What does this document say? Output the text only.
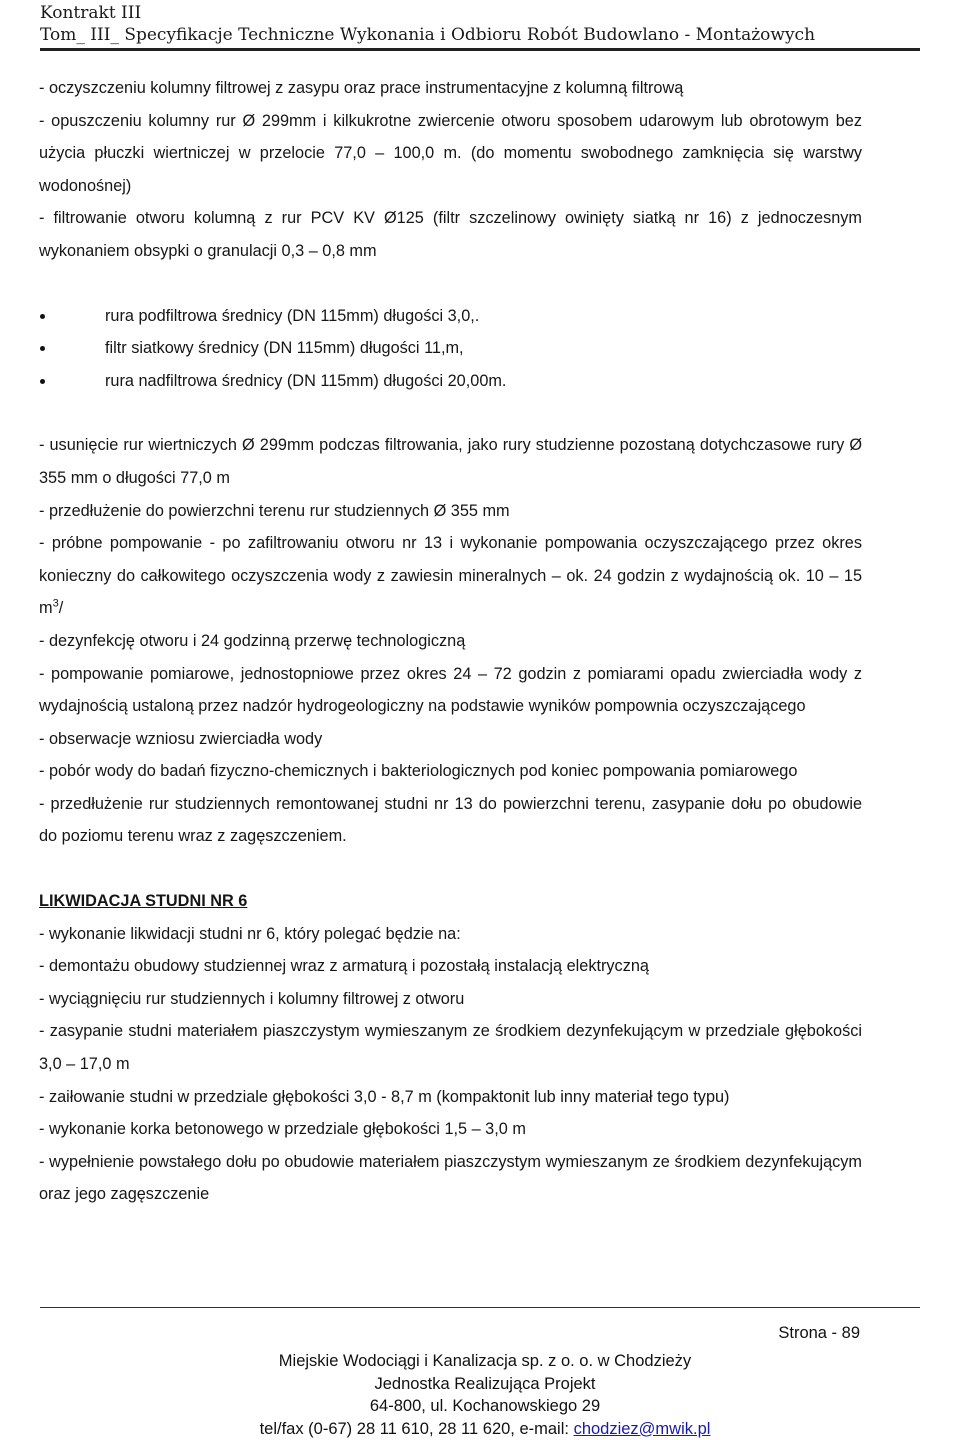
Kontrakt III
Tom_ III_ Specyfikacje Techniczne Wykonania i Odbioru Robót Budowlano - Montażowych

- oczyszczeniu kolumny filtrowej z zasypu oraz prace instrumentacyjne z kolumną filtrową

- opuszczeniu kolumny rur Ø 299mm i kilkukrotne zwiercenie otworu sposobem udarowym lub obrotowym bez użycia płuczki wiertniczej w przelocie 77,0 – 100,0 m. (do momentu swobodnego zamknięcia się warstwy wodonośnej)

- filtrowanie otworu kolumną z rur PCV KV Ø125 (filtr szczelinowy owinięty siatką nr 16) z jednoczesnym wykonaniem obsypki o granulacji 0,3 – 0,8 mm

rura podfiltrowa średnicy (DN 115mm) długości 3,0,.
filtr siatkowy średnicy (DN 115mm) długości 11,m,
rura nadfiltrowa średnicy (DN 115mm) długości 20,00m.

- usunięcie rur wiertniczych Ø 299mm podczas filtrowania, jako rury studzienne pozostaną dotychczasowe rury Ø 355 mm o długości 77,0 m

- przedłużenie do powierzchni terenu rur studziennych Ø 355 mm

- próbne pompowanie - po zafiltrowaniu otworu nr 13 i wykonanie pompowania oczyszczającego przez okres konieczny do całkowitego oczyszczenia wody z zawiesin mineralnych – ok. 24 godzin z wydajnością ok. 10 – 15 $m^3/$

- dezynfekcję otworu i 24 godzinną przerwę technologiczną

- pompowanie pomiarowe, jednostopniowe przez okres 24 – 72 godzin z pomiarami opadu zwierciadła wody z wydajnością ustaloną przez nadzór hydrogeologiczny na podstawie wyników pompownia oczyszczającego

- obserwacje wzniosu zwierciadła wody

- pobór wody do badań fizyczno-chemicznych i bakteriologicznych pod koniec pompowania pomiarowego

- przedłużenie rur studziennych remontowanej studni nr 13 do powierzchni terenu, zasypanie dołu po obudowie do poziomu terenu wraz z zagęszczeniem.

LIKWIDACJA STUDNI NR 6

- wykonanie likwidacji studni nr 6, który polegać będzie na:

- demontażu obudowy studziennej wraz z armaturą i pozostałą instalacją elektryczną

- wyciągnięciu rur studziennych i kolumny filtrowej z otworu

- zasypanie studni materiałem piaszczystym wymieszanym ze środkiem dezynfekującym w przedziale głębokości 3,0 – 17,0 m

- zaiłowanie studni w przedziale głębokości 3,0 - 8,7 m (kompaktonit lub inny materiał tego typu)

- wykonanie korka betonowego w przedziale głębokości 1,5 – 3,0 m

- wypełnienie powstałego dołu po obudowie materiałem piaszczystym wymieszanym ze środkiem dezynfekującym oraz jego zagęszczenie

Strona - 89
Miejskie Wodociągi i Kanalizacja sp. z o. o. w Chodzieży
Jednostka Realizująca Projekt
64-800, ul. Kochanowskiego 29
tel/fax (0-67) 28 11 610, 28 11 620, e-mail: chodziez@mwik.pl
